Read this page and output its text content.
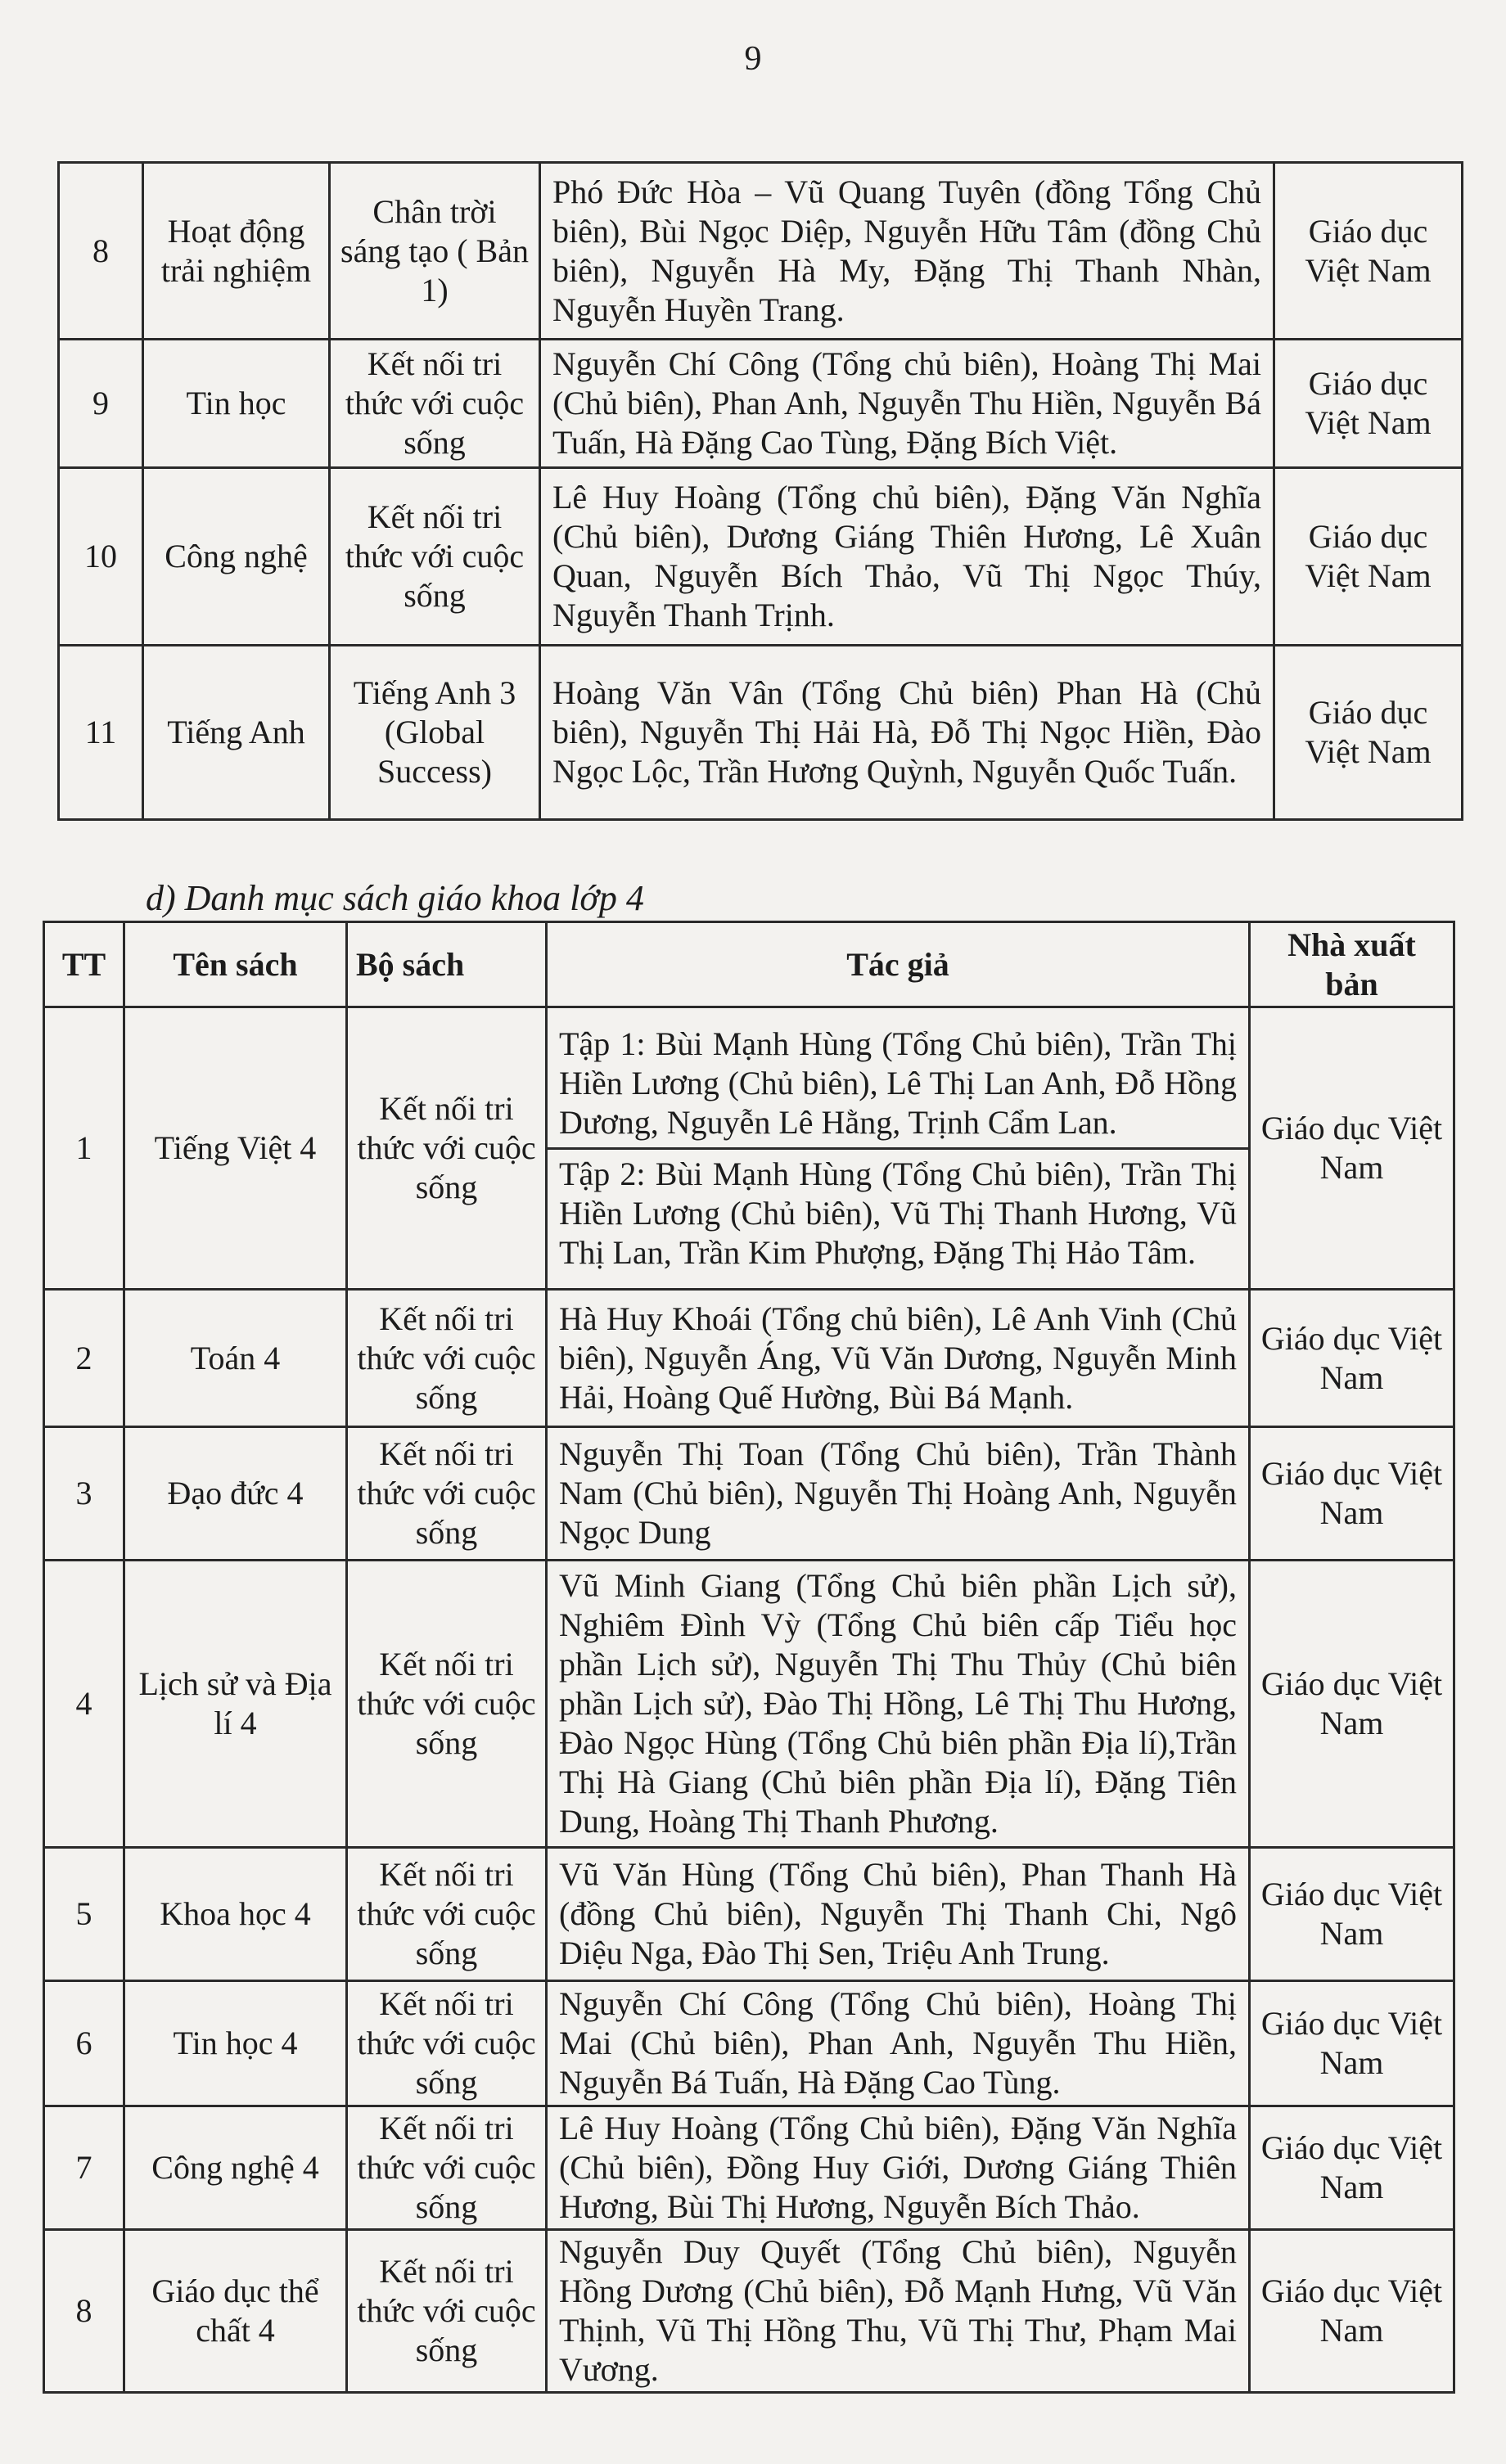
9
8	Hoạt động trải nghiệm	Chân trời sáng tạo ( Bản 1)	Phó Đức Hòa – Vũ Quang Tuyên (đồng Tổng Chủ biên), Bùi Ngọc Diệp, Nguyễn Hữu Tâm (đồng Chủ biên), Nguyễn Hà My, Đặng Thị Thanh Nhàn, Nguyễn Huyền Trang.	Giáo dục Việt Nam
9	Tin học	Kết nối tri thức với cuộc sống	Nguyễn Chí Công (Tổng chủ biên), Hoàng Thị Mai (Chủ biên), Phan Anh, Nguyễn Thu Hiền, Nguyễn Bá Tuấn, Hà Đặng Cao Tùng, Đặng Bích Việt.	Giáo dục Việt Nam
10	Công nghệ	Kết nối tri thức với cuộc sống	Lê Huy Hoàng (Tổng chủ biên), Đặng Văn Nghĩa (Chủ biên), Dương Giáng Thiên Hương, Lê Xuân Quan, Nguyễn Bích Thảo, Vũ Thị Ngọc Thúy, Nguyễn Thanh Trịnh.	Giáo dục Việt Nam
11	Tiếng Anh	Tiếng Anh 3 (Global Success)	Hoàng Văn Vân (Tổng Chủ biên) Phan Hà (Chủ biên), Nguyễn Thị Hải Hà, Đỗ Thị Ngọc Hiền, Đào Ngọc Lộc, Trần Hương Quỳnh, Nguyễn Quốc Tuấn.	Giáo dục Việt Nam
d) Danh mục sách giáo khoa lớp 4
TT	Tên sách	Bộ sách	Tác giả	Nhà xuất bản
1	Tiếng Việt 4	Kết nối tri thức với cuộc sống	Tập 1: Bùi Mạnh Hùng (Tổng Chủ biên), Trần Thị Hiền Lương (Chủ biên), Lê Thị Lan Anh, Đỗ Hồng Dương, Nguyễn Lê Hằng, Trịnh Cẩm Lan.
Tập 2: Bùi Mạnh Hùng (Tổng Chủ biên), Trần Thị Hiền Lương (Chủ biên), Vũ Thị Thanh Hương, Vũ Thị Lan, Trần Kim Phượng, Đặng Thị Hảo Tâm.	Giáo dục Việt Nam
2	Toán 4	Kết nối tri thức với cuộc sống	Hà Huy Khoái (Tổng chủ biên), Lê Anh Vinh (Chủ biên), Nguyễn Áng, Vũ Văn Dương, Nguyễn Minh Hải, Hoàng Quế Hường, Bùi Bá Mạnh.	Giáo dục Việt Nam
3	Đạo đức 4	Kết nối tri thức với cuộc sống	Nguyễn Thị Toan (Tổng Chủ biên), Trần Thành Nam (Chủ biên), Nguyễn Thị Hoàng Anh, Nguyễn Ngọc Dung	Giáo dục Việt Nam
4	Lịch sử và Địa lí 4	Kết nối tri thức với cuộc sống	Vũ Minh Giang (Tổng Chủ biên phần Lịch sử), Nghiêm Đình Vỳ (Tổng Chủ biên cấp Tiểu học phần Lịch sử), Nguyễn Thị Thu Thủy (Chủ biên phần Lịch sử), Đào Thị Hồng, Lê Thị Thu Hương, Đào Ngọc Hùng (Tổng Chủ biên phần Địa lí),Trần Thị Hà Giang (Chủ biên phần Địa lí), Đặng Tiên Dung, Hoàng Thị Thanh Phương.	Giáo dục Việt Nam
5	Khoa học 4	Kết nối tri thức với cuộc sống	Vũ Văn Hùng (Tổng Chủ biên), Phan Thanh Hà (đồng Chủ biên), Nguyễn Thị Thanh Chi, Ngô Diệu Nga, Đào Thị Sen, Triệu Anh Trung.	Giáo dục Việt Nam
6	Tin học 4	Kết nối tri thức với cuộc sống	Nguyễn Chí Công (Tổng Chủ biên), Hoàng Thị Mai (Chủ biên), Phan Anh, Nguyễn Thu Hiền, Nguyễn Bá Tuấn, Hà Đặng Cao Tùng.	Giáo dục Việt Nam
7	Công nghệ 4	Kết nối tri thức với cuộc sống	Lê Huy Hoàng (Tổng Chủ biên), Đặng Văn Nghĩa (Chủ biên), Đồng Huy Giới, Dương Giáng Thiên Hương, Bùi Thị Hương, Nguyễn Bích Thảo.	Giáo dục Việt Nam
8	Giáo dục thể chất 4	Kết nối tri thức với cuộc sống	Nguyễn Duy Quyết (Tổng Chủ biên), Nguyễn Hồng Dương (Chủ biên), Đỗ Mạnh Hưng, Vũ Văn Thịnh, Vũ Thị Hồng Thu, Vũ Thị Thư, Phạm Mai Vương.	Giáo dục Việt Nam
